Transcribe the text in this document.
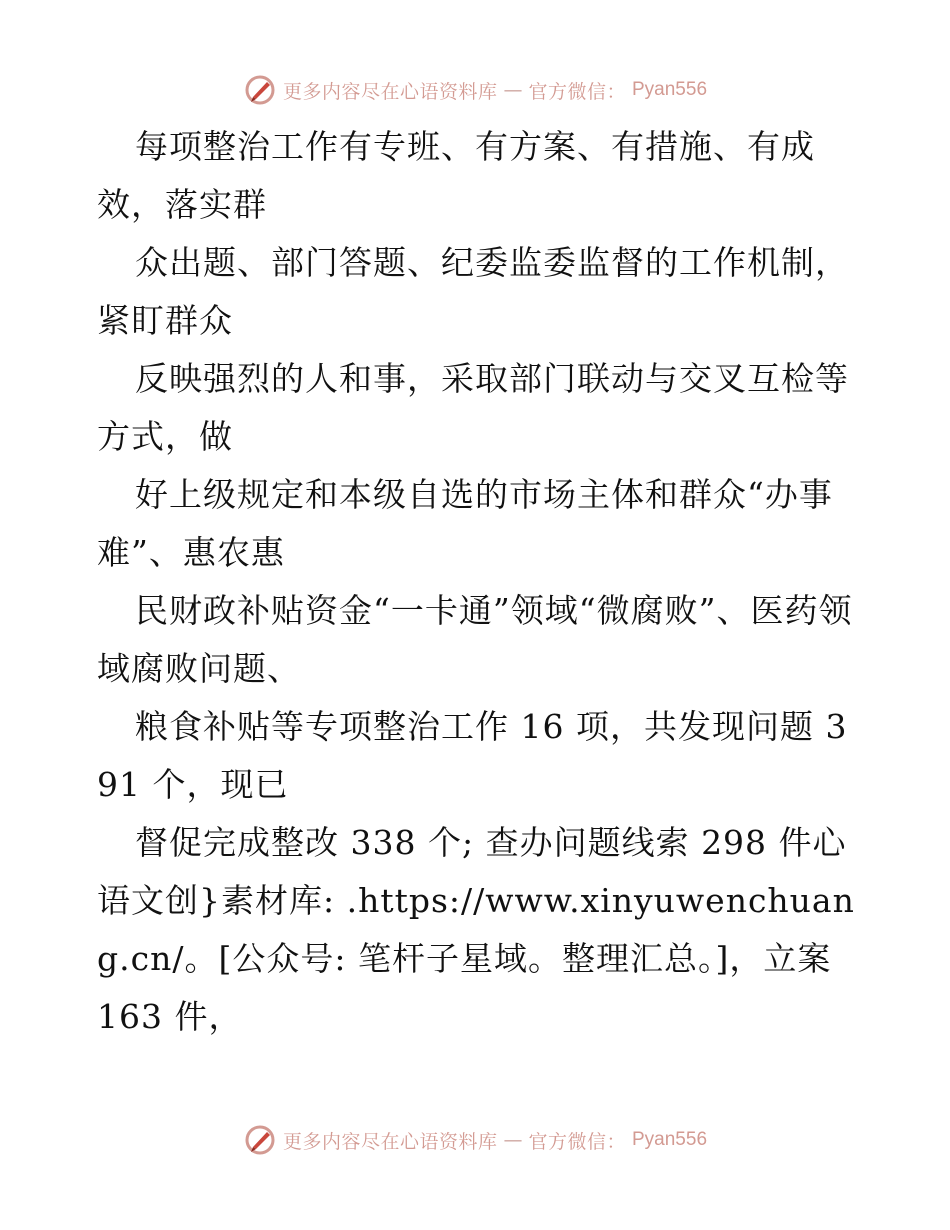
更多内容尽在心语资料库 — 官方微信： Pyan556

每项整治工作有专班、有方案、有措施、有成效，落实群

众出题、部门答题、纪委监委监督的工作机制，紧盯群众

反映强烈的人和事，采取部门联动与交叉互检等方式，做

好上级规定和本级自选的市场主体和群众“办事难”、惠农惠

民财政补贴资金“一卡通”领域“微腐败”、医药领域腐败问题、

粮食补贴等专项整治工作 16 项，共发现问题 391 个，现已

督促完成整改 338 个; 查办问题线索 298 件心语文创}素材库: .https://www.xinyuwenchuang.cn/。[公众号: 笔杆子星域。整理汇总。]，立案 163 件，

更多内容尽在心语资料库 — 官方微信： Pyan556
